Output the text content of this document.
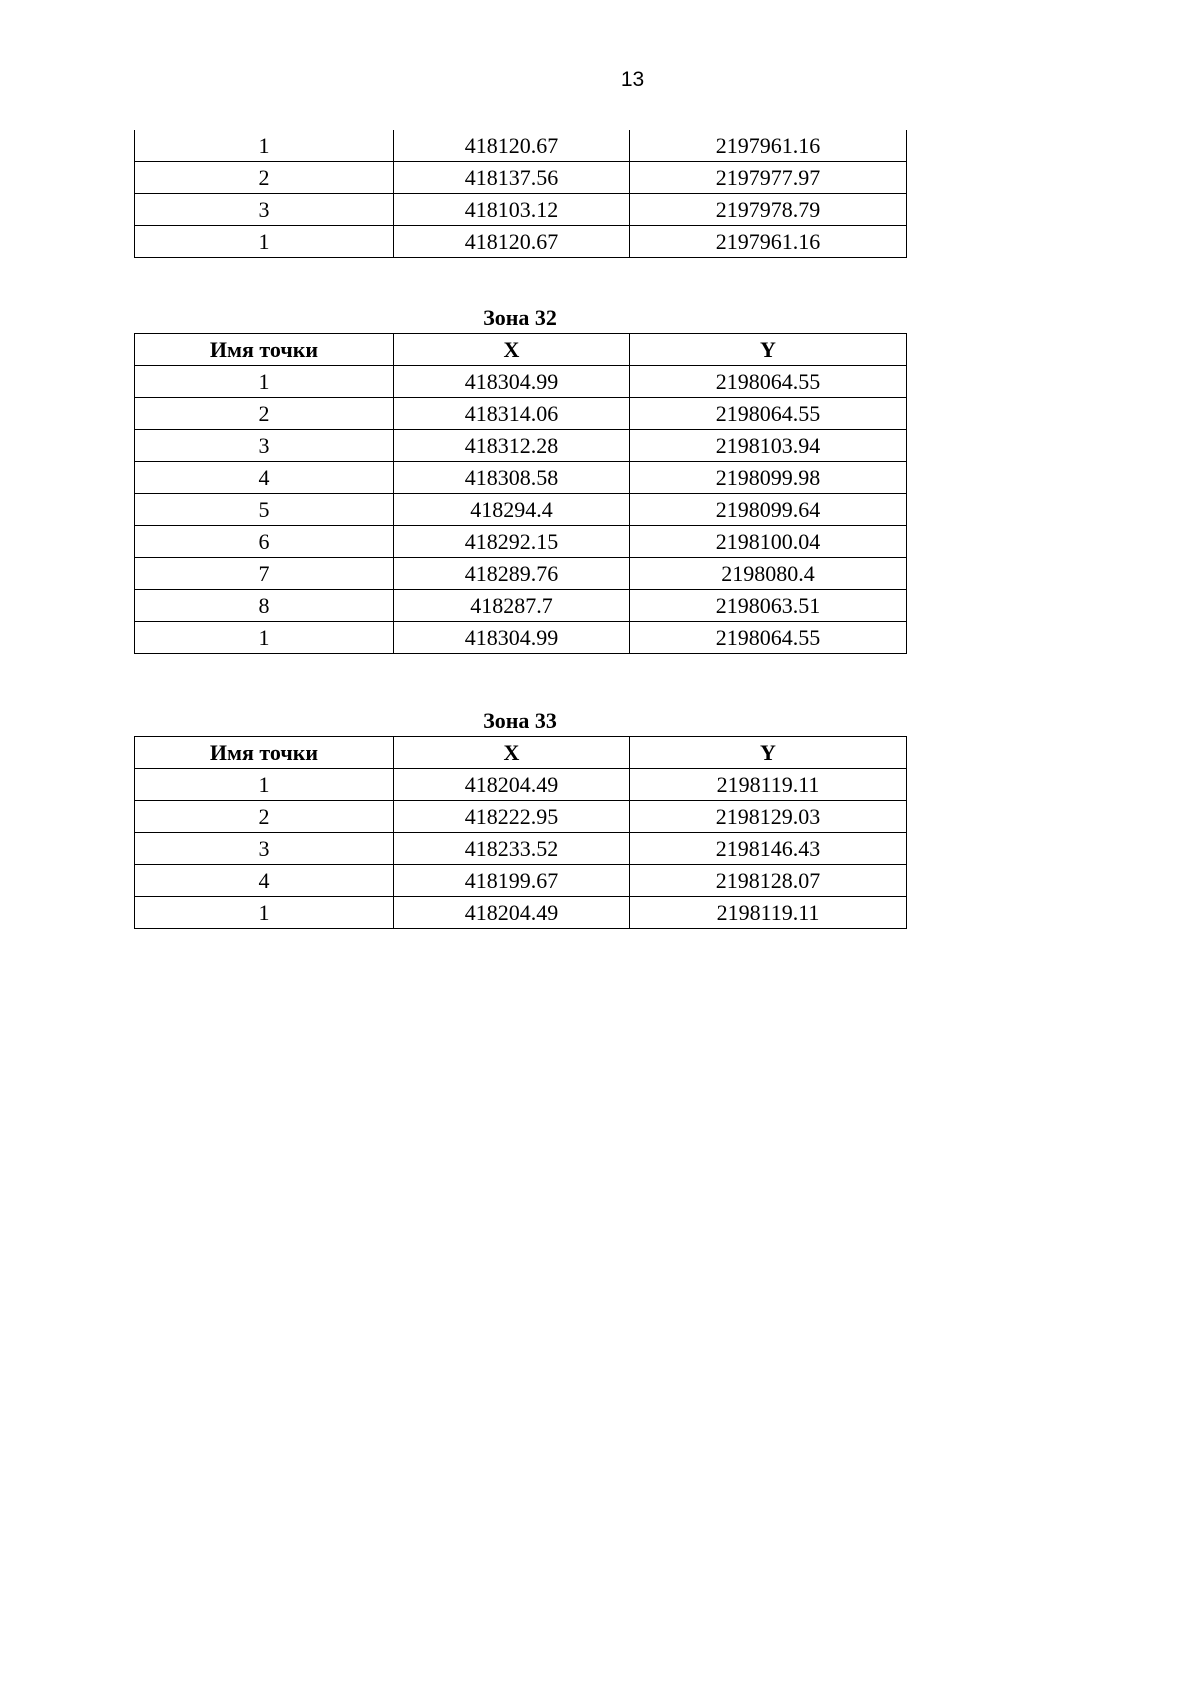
13
1	418120.67	2197961.16
2	418137.56	2197977.97
3	418103.12	2197978.79
1	418120.67	2197961.16
Зона 32
Имя точки	X	Y
1	418304.99	2198064.55
2	418314.06	2198064.55
3	418312.28	2198103.94
4	418308.58	2198099.98
5	418294.4	2198099.64
6	418292.15	2198100.04
7	418289.76	2198080.4
8	418287.7	2198063.51
1	418304.99	2198064.55
Зона 33
Имя точки	X	Y
1	418204.49	2198119.11
2	418222.95	2198129.03
3	418233.52	2198146.43
4	418199.67	2198128.07
1	418204.49	2198119.11
